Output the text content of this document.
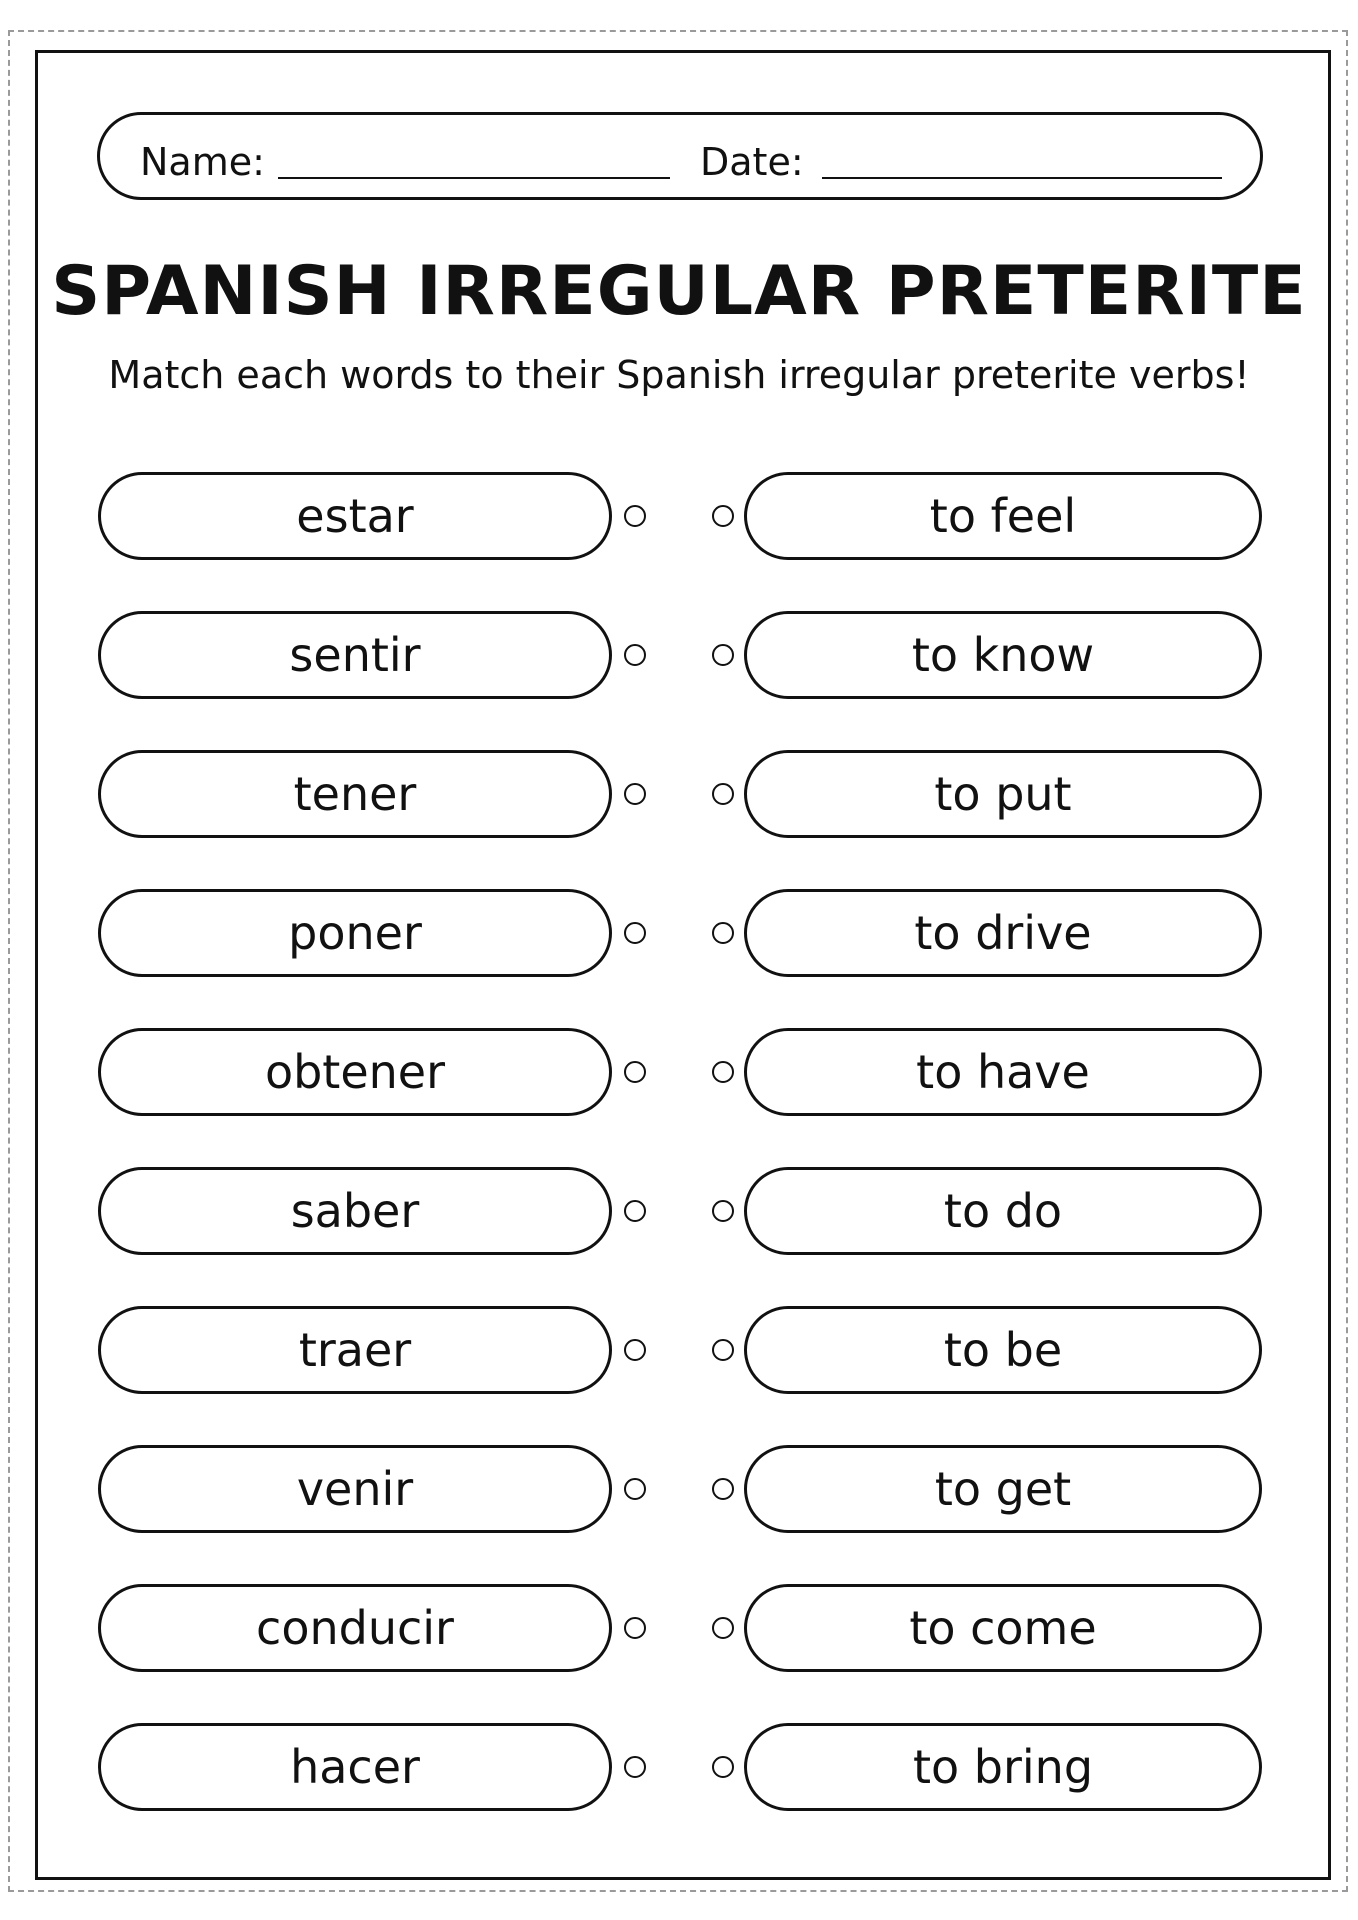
Name:	Date:
SPANISH IRREGULAR PRETERITE
Match each words to their Spanish irregular preterite verbs!
estar	to feel
sentir	to know
tener	to put
poner	to drive
obtener	to have
saber	to do
traer	to be
venir	to get
conducir	to come
hacer	to bring
